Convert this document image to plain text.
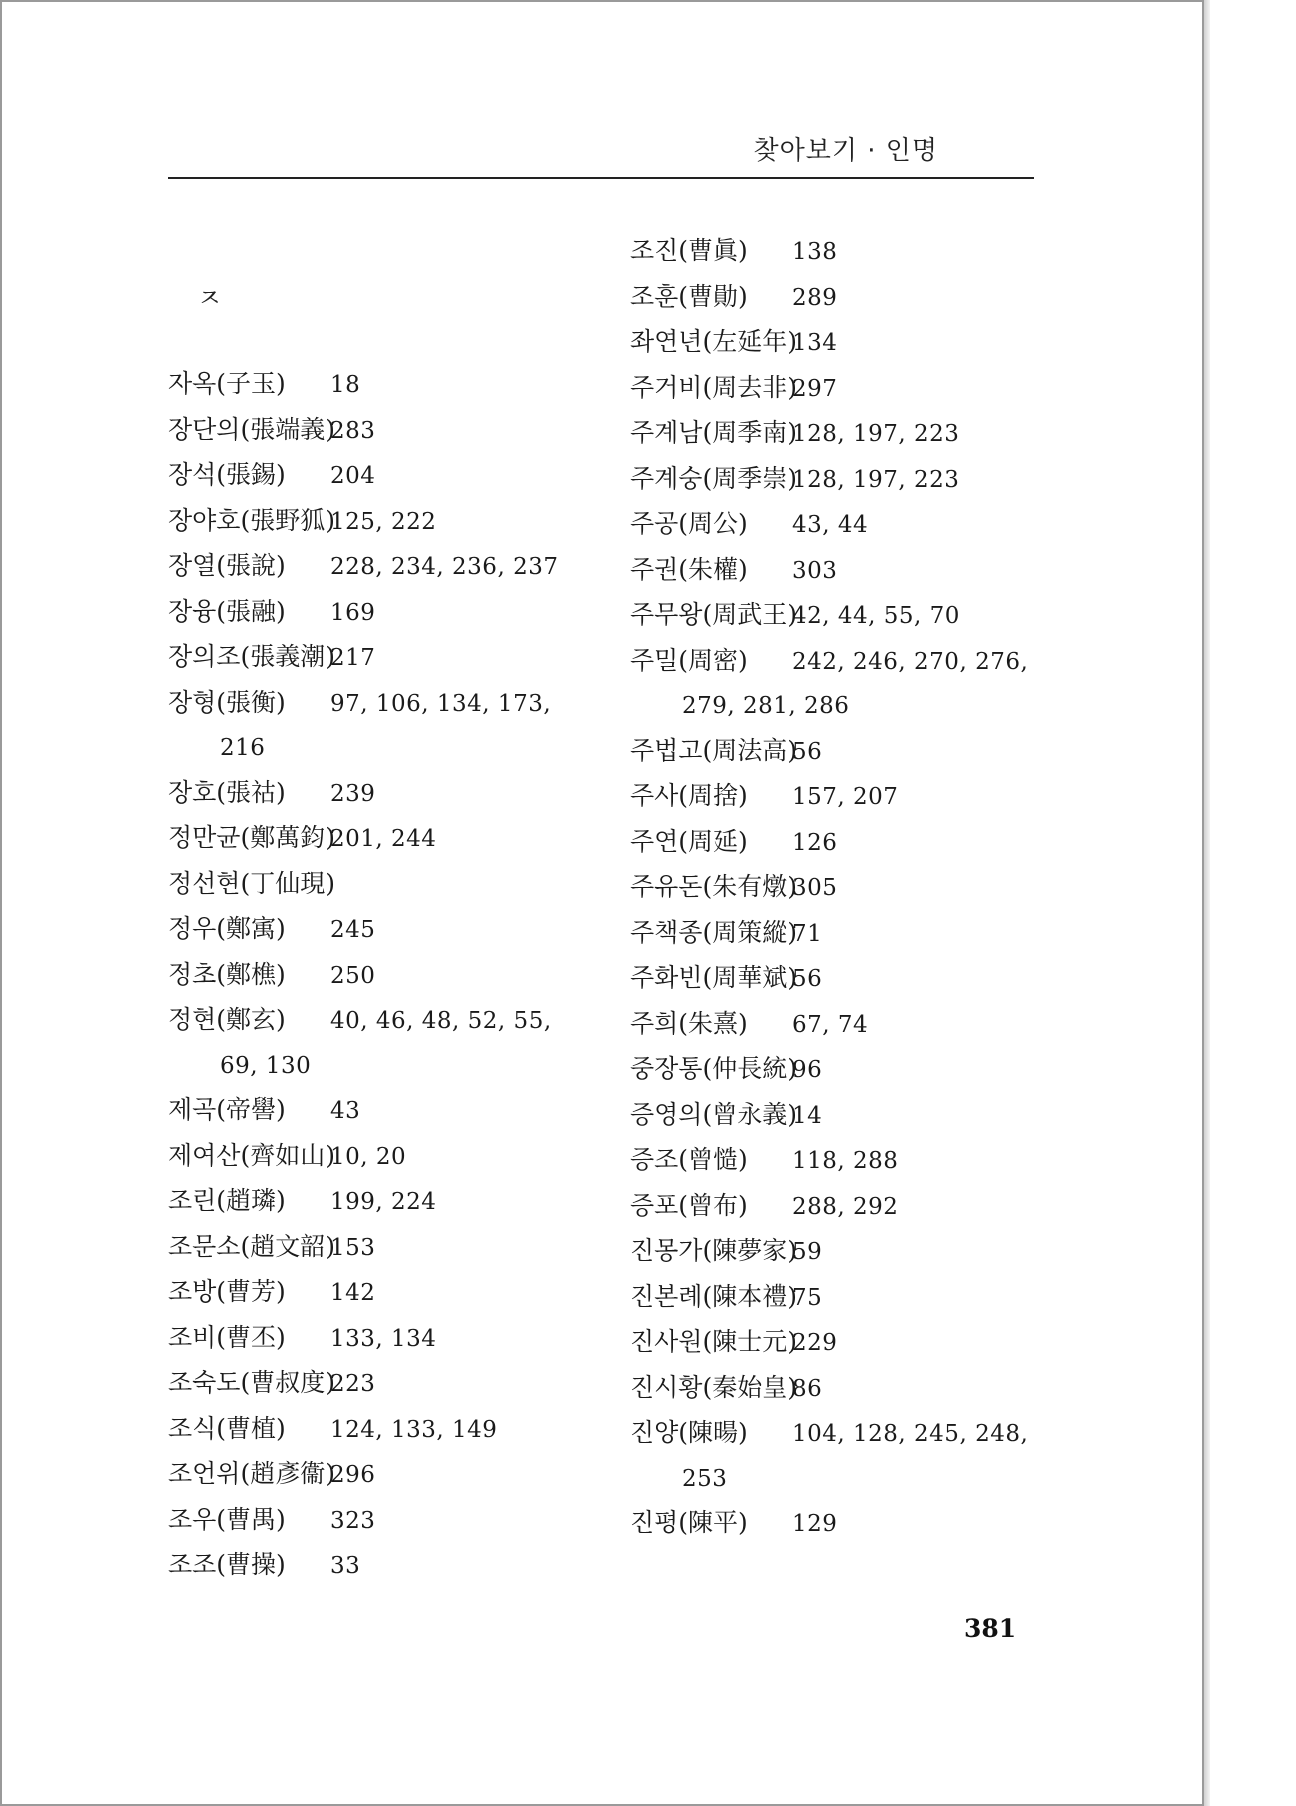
찾아보기 · 인명
ㅈ
자옥(子玉) 18
장단의(張端義)283
장석(張錫) 204
장야호(張野狐)125, 222
장열(張說) 228, 234, 236, 237
장융(張融) 169
장의조(張義潮)217
장형(張衡) 97, 106, 134, 173,
216
장호(張祜) 239
정만균(鄭萬鈞)201, 244
정선현(丁仙現)
정우(鄭㝢) 245
정초(鄭樵) 250
정현(鄭玄) 40, 46, 48, 52, 55,
69, 130
제곡(帝嚳) 43
제여산(齊如山)10, 20
조린(趙璘) 199, 224
조문소(趙文韶)153
조방(曹芳) 142
조비(曹丕) 133, 134
조숙도(曹叔度)223
조식(曹植) 124, 133, 149
조언위(趙彥衞)296
조우(曹禺) 323
조조(曹操) 33
조진(曹眞) 138
조훈(曹勛) 289
좌연년(左延年)134
주거비(周去非)297
주계남(周季南)128, 197, 223
주계숭(周季崇)128, 197, 223
주공(周公) 43, 44
주권(朱權) 303
주무왕(周武王)42, 44, 55, 70
주밀(周密) 242, 246, 270, 276,
279, 281, 286
주법고(周法高)56
주사(周捨) 157, 207
주연(周延) 126
주유돈(朱有燉)305
주책종(周策縱)71
주화빈(周華斌)56
주희(朱熹) 67, 74
중장통(仲長統)96
증영의(曾永義)14
증조(曾慥) 118, 288
증포(曾布) 288, 292
진몽가(陳夢家)59
진본례(陳本禮)75
진사원(陳士元)229
진시황(秦始皇)86
진양(陳暘) 104, 128, 245, 248,
253
진평(陳平) 129
381
